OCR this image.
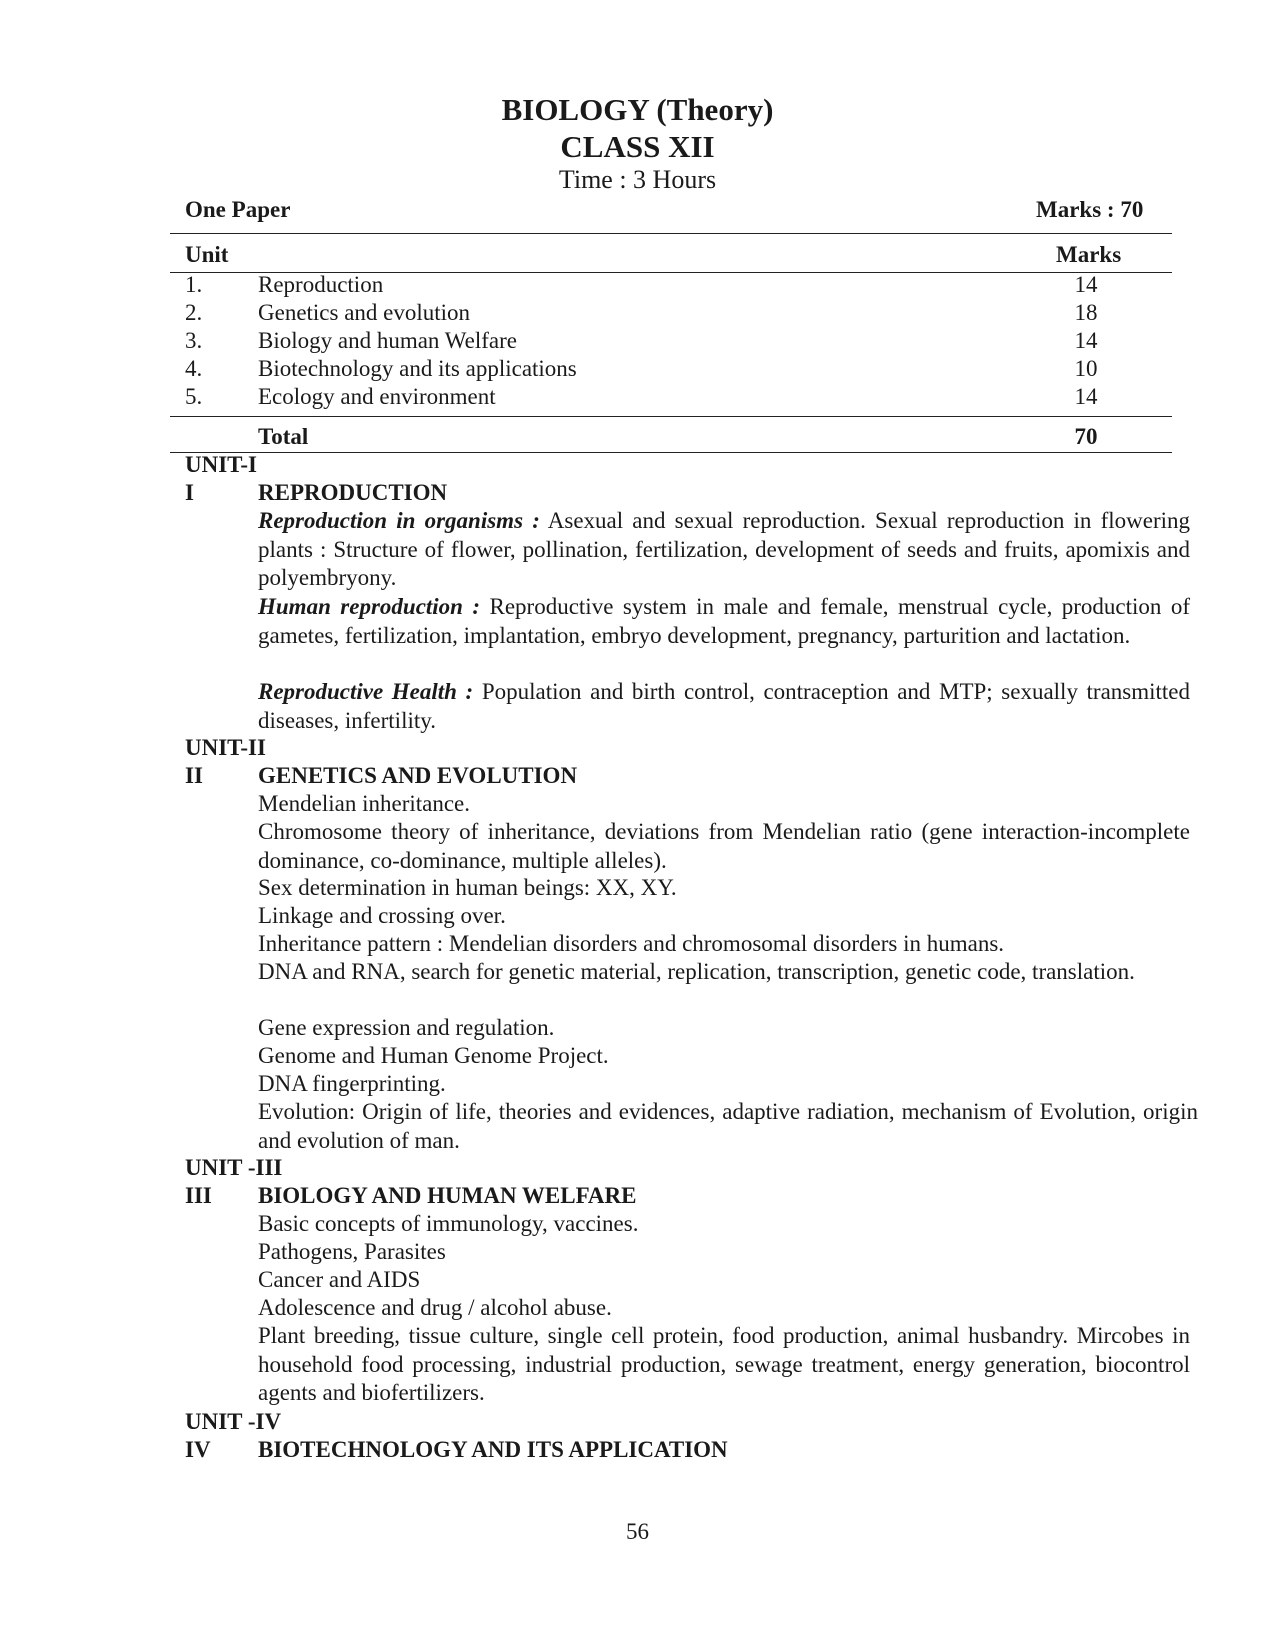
BIOLOGY (Theory)
CLASS XII
Time : 3 Hours
One Paper	Marks : 70
Unit	Marks
1. Reproduction	14
2. Genetics and evolution	18
3. Biology and human Welfare	14
4. Biotechnology and its applications	10
5. Ecology and environment	14
Total	70
UNIT-I
I	REPRODUCTION
Reproduction in organisms : Asexual and sexual reproduction. Sexual reproduction in flowering plants : Structure of flower, pollination, fertilization, development of seeds and fruits, apomixis and polyembryony.
Human reproduction : Reproductive system in male and female, menstrual cycle, production of gametes, fertilization, implantation, embryo development, pregnancy, parturition and lactation.
Reproductive Health : Population and birth control, contraception and MTP; sexually transmitted diseases, infertility.
UNIT-II
II GENETICS AND EVOLUTION
Mendelian inheritance.
Chromosome theory of inheritance, deviations from Mendelian ratio (gene interaction-incomplete dominance, co-dominance, multiple alleles).
Sex determination in human beings: XX, XY.
Linkage and crossing over.
Inheritance pattern : Mendelian disorders and chromosomal disorders in humans.
DNA and RNA, search for genetic material, replication, transcription, genetic code, translation.
Gene expression and regulation.
Genome and Human Genome Project.
DNA fingerprinting.
Evolution: Origin of life, theories and evidences, adaptive radiation, mechanism of Evolution, origin and evolution of man.
UNIT -III
III BIOLOGY AND HUMAN WELFARE
Basic concepts of immunology, vaccines.
Pathogens, Parasites
Cancer and AIDS
Adolescence and drug / alcohol abuse.
Plant breeding, tissue culture, single cell protein, food production, animal husbandry. Mircobes in household food processing, industrial production, sewage treatment, energy generation, biocontrol agents and biofertilizers.
UNIT -IV
IV BIOTECHNOLOGY AND ITS APPLICATION
56
